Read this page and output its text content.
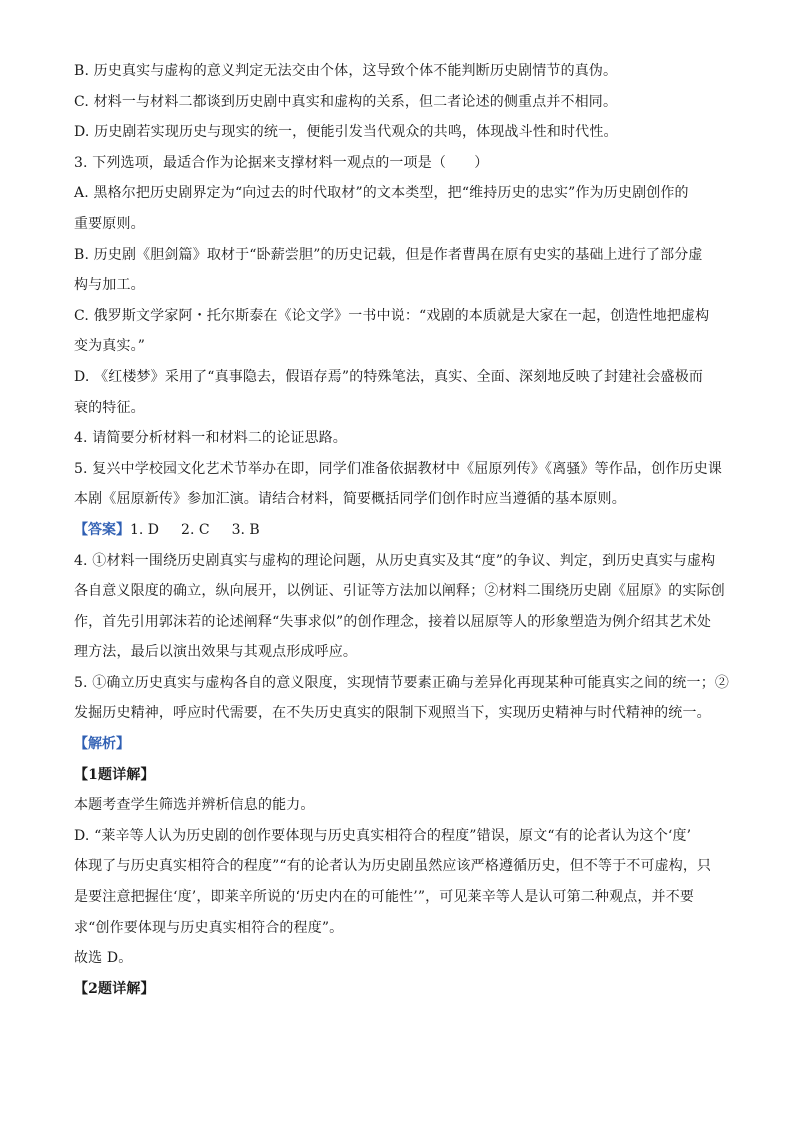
B. 历史真实与虚构的意义判定无法交由个体，这导致个体不能判断历史剧情节的真伪。

C. 材料一与材料二都谈到历史剧中真实和虚构的关系，但二者论述的侧重点并不相同。

D. 历史剧若实现历史与现实的统一，便能引发当代观众的共鸣，体现战斗性和时代性。

3. 下列选项，最适合作为论据来支撑材料一观点的一项是（　　）

A. 黑格尔把历史剧界定为“向过去的时代取材”的文本类型，把“维持历史的忠实”作为历史剧创作的

重要原则。

B. 历史剧《胆剑篇》取材于“卧薪尝胆”的历史记载，但是作者曹禺在原有史实的基础上进行了部分虚

构与加工。

C. 俄罗斯文学家阿・托尔斯泰在《论文学》一书中说：“戏剧的本质就是大家在一起，创造性地把虚构

变为真实。”

D. 《红楼梦》采用了“真事隐去，假语存焉”的特殊笔法，真实、全面、深刻地反映了封建社会盛极而

衰的特征。

4. 请简要分析材料一和材料二的论证思路。

5. 复兴中学校园文化艺术节举办在即，同学们准备依据教材中《屈原列传》《离骚》等作品，创作历史课

本剧《屈原新传》参加汇演。请结合材料，简要概括同学们创作时应当遵循的基本原则。

【答案】1. D 2. C 3. B

4. ①材料一围绕历史剧真实与虚构的理论问题，从历史真实及其“度”的争议、判定，到历史真实与虚构

各自意义限度的确立，纵向展开，以例证、引证等方法加以阐释；②材料二围绕历史剧《屈原》的实际创

作，首先引用郭沫若的论述阐释“失事求似”的创作理念，接着以屈原等人的形象塑造为例介绍其艺术处

理方法，最后以演出效果与其观点形成呼应。

5. ①确立历史真实与虚构各自的意义限度，实现情节要素正确与差异化再现某种可能真实之间的统一；②

发掘历史精神，呼应时代需要，在不失历史真实的限制下观照当下，实现历史精神与时代精神的统一。

【解析】

【1题详解】

本题考查学生筛选并辨析信息的能力。

D. “莱辛等人认为历史剧的创作要体现与历史真实相符合的程度”错误，原文“有的论者认为这个‘度’

体现了与历史真实相符合的程度”“有的论者认为历史剧虽然应该严格遵循历史，但不等于不可虚构，只

是要注意把握住‘度’，即莱辛所说的‘历史内在的可能性’”，可见莱辛等人是认可第二种观点，并不要

求“创作要体现与历史真实相符合的程度”。

故选 D。

【2题详解】
